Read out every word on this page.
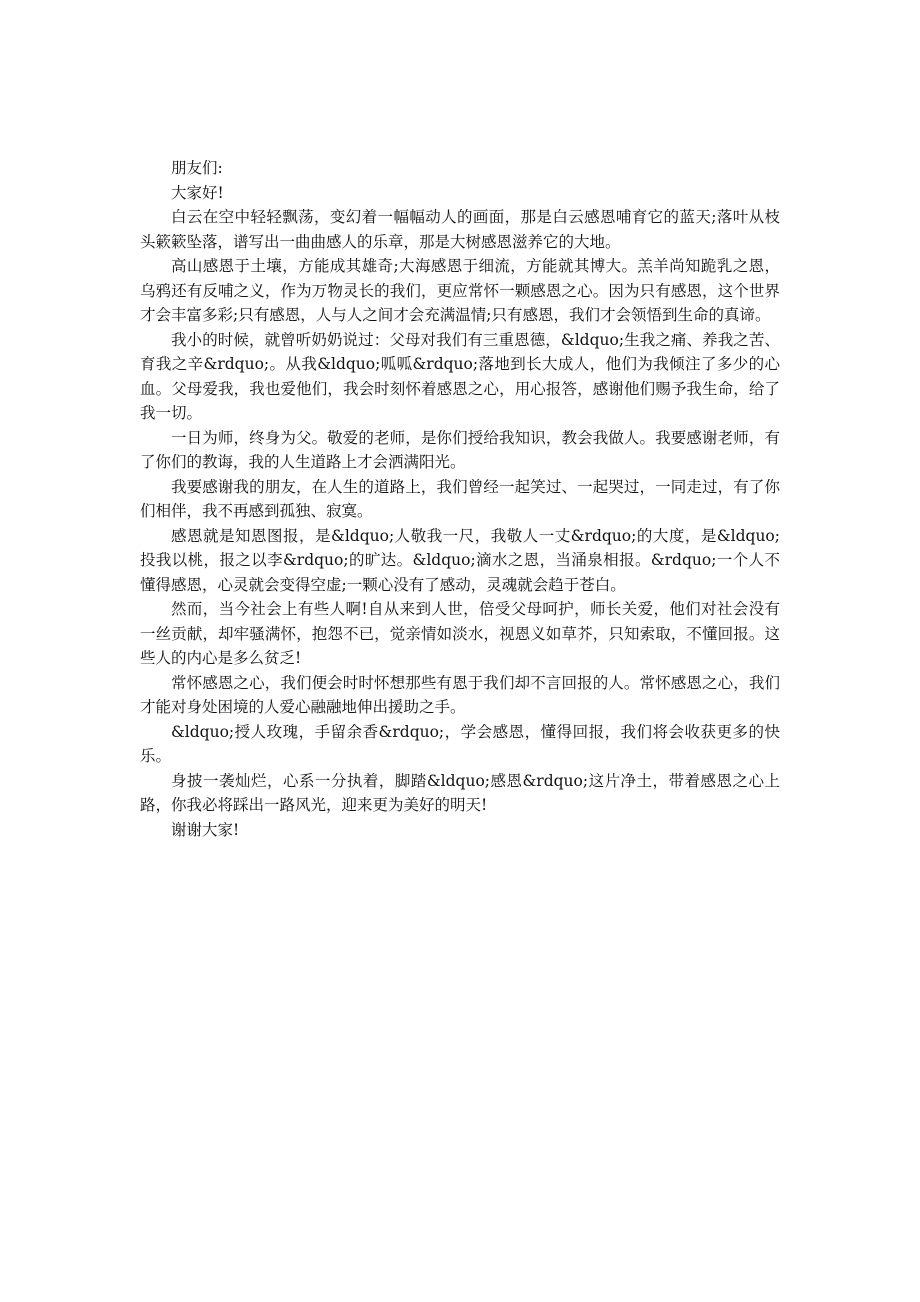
朋友们:

大家好!

白云在空中轻轻飘荡，变幻着一幅幅动人的画面，那是白云感恩哺育它的蓝天;落叶从枝头簌簌坠落，谱写出一曲曲感人的乐章，那是大树感恩滋养它的大地。

高山感恩于土壤，方能成其雄奇;大海感恩于细流，方能就其博大。羔羊尚知跪乳之恩，乌鸦还有反哺之义，作为万物灵长的我们，更应常怀一颗感恩之心。因为只有感恩，这个世界才会丰富多彩;只有感恩，人与人之间才会充满温情;只有感恩，我们才会领悟到生命的真谛。

我小的时候，就曾听奶奶说过：父母对我们有三重恩德，&ldquo;生我之痛、养我之苦、育我之辛&rdquo;。从我&ldquo;呱呱&rdquo;落地到长大成人，他们为我倾注了多少的心血。父母爱我，我也爱他们，我会时刻怀着感恩之心，用心报答，感谢他们赐予我生命，给了我一切。

一日为师，终身为父。敬爱的老师，是你们授给我知识，教会我做人。我要感谢老师，有了你们的教诲，我的人生道路上才会洒满阳光。

我要感谢我的朋友，在人生的道路上，我们曾经一起笑过、一起哭过，一同走过，有了你们相伴，我不再感到孤独、寂寞。

感恩就是知恩图报，是&ldquo;人敬我一尺，我敬人一丈&rdquo;的大度，是&ldquo;投我以桃，报之以李&rdquo;的旷达。&ldquo;滴水之恩，当涌泉相报。&rdquo;一个人不懂得感恩，心灵就会变得空虚;一颗心没有了感动，灵魂就会趋于苍白。

然而，当今社会上有些人啊!自从来到人世，倍受父母呵护，师长关爱，他们对社会没有一丝贡献，却牢骚满怀，抱怨不已，觉亲情如淡水，视恩义如草芥，只知索取，不懂回报。这些人的内心是多么贫乏!

常怀感恩之心，我们便会时时怀想那些有恩于我们却不言回报的人。常怀感恩之心，我们才能对身处困境的人爱心融融地伸出援助之手。

&ldquo;授人玫瑰，手留余香&rdquo;，学会感恩，懂得回报，我们将会收获更多的快乐。

身披一袭灿烂，心系一分执着，脚踏&ldquo;感恩&rdquo;这片净土，带着感恩之心上路，你我必将踩出一路风光，迎来更为美好的明天!

谢谢大家!
